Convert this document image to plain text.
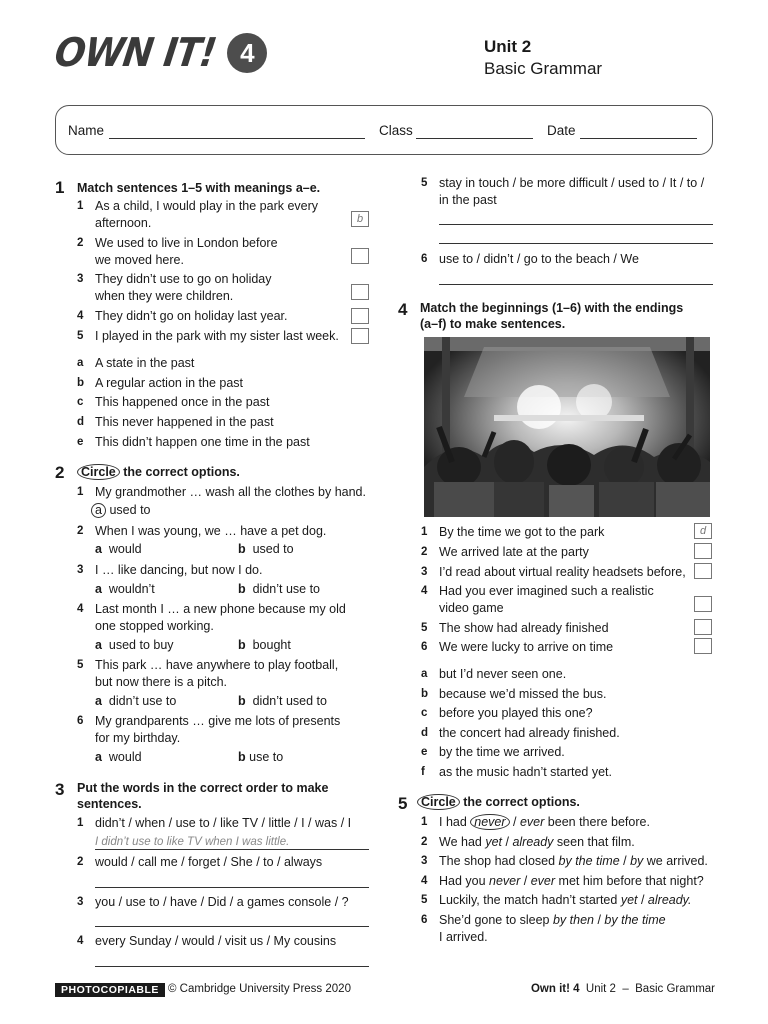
OWN IT! 4	Unit 2
Basic Grammar
Name	Class	Date
1 Match sentences 1–5 with meanings a–e.
1 As a child, I would play in the park every
afternoon.	b
2 We used to live in London before
we moved here.
3 They didn’t use to go on holiday
when they were children.
4 They didn’t go on holiday last year.
5 I played in the park with my sister last week.
a A state in the past
b A regular action in the past
c This happened once in the past
d This never happened in the past
e This didn’t happen one time in the past
2	Circle the correct options.
1 My grandmother … wash all the clothes by hand.
a used to
2 When I was young, we … have a pet dog.
a would	b used to
3 I … like dancing, but now I do.
a wouldn’t	b didn’t use to
4 Last month I … a new phone because my old
one stopped working.
a used to buy	b bought
5 This park … have anywhere to play football,
but now there is a pitch.
a didn’t use to	b didn’t used to
6 My grandparents … give me lots of presents
for my birthday.
a would	b use to
3 Put the words in the correct order to make
sentences.
1 didn’t / when / use to / like TV / little / I / was / I
I didn’t use to like TV when I was little.
2 would / call me / forget / She / to / always
3 you / use to / have / Did / a games console / ?
4 every Sunday / would / visit us / My cousins
5 stay in touch / be more difficult / used to / It / to /
in the past
6 use to / didn’t / go to the beach / We
4 Match the beginnings (1–6) with the endings
(a–f) to make sentences.
1 By the time we got to the park	d
2 We arrived late at the party
3 I’d read about virtual reality headsets before,
4 Had you ever imagined such a realistic
video game
5 The show had already finished
6 We were lucky to arrive on time
a but I’d never seen one.
b because we’d missed the bus.
c before you played this one?
d the concert had already finished.
e by the time we arrived.
f as the music hadn’t started yet.
5	Circle the correct options.
1 I had never / ever been there before.
2 We had yet / already seen that film.
3 The shop had closed by the time / by we arrived.
4 Had you never / ever met him before that night?
5 Luckily, the match hadn’t started yet / already.
6 She’d gone to sleep by then / by the time
I arrived.
PHOTOCOPIABLE © Cambridge University Press 2020	Own it! 4  Unit 2  –  Basic Grammar
